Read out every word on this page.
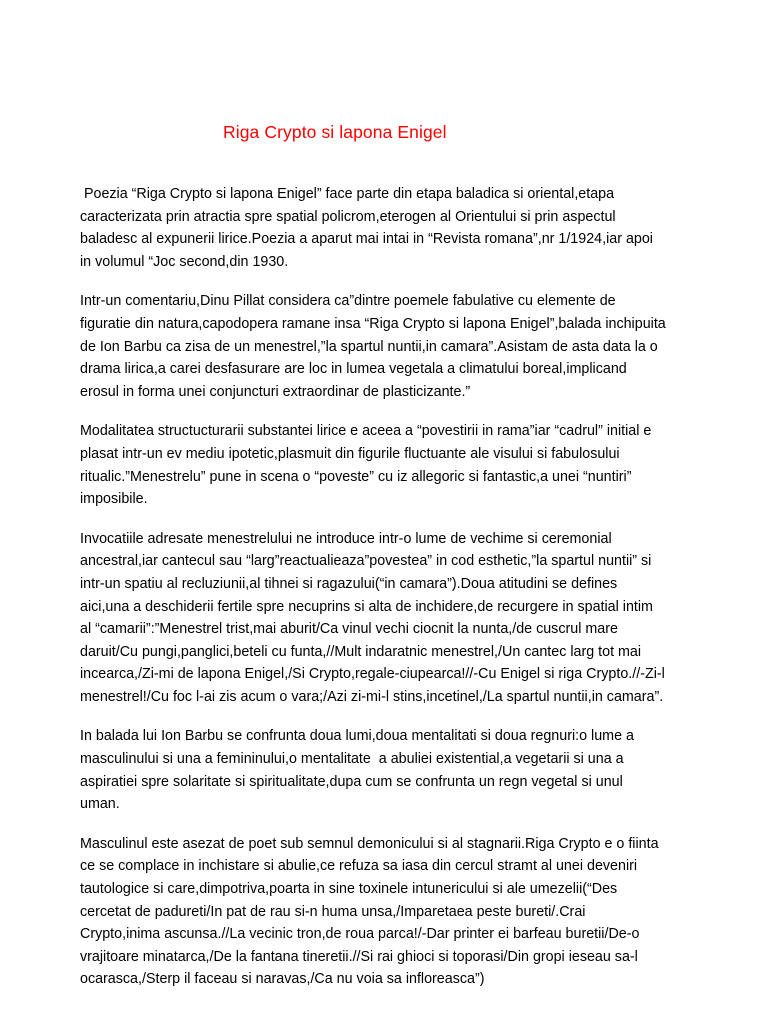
Riga Crypto si lapona Enigel

Poezia “Riga Crypto si lapona Enigel” face parte din etapa baladica si oriental,etapa
caracterizata prin atractia spre spatial policrom,eterogen al Orientului si prin aspectul
baladesc al expunerii lirice.Poezia a aparut mai intai in “Revista romana”,nr 1/1924,iar apoi
in volumul “Joc second,din 1930.

Intr-un comentariu,Dinu Pillat considera ca”dintre poemele fabulative cu elemente de
figuratie din natura,capodopera ramane insa “Riga Crypto si lapona Enigel”,balada inchipuita
de Ion Barbu ca zisa de un menestrel,”la spartul nuntii,in camara”.Asistam de asta data la o
drama lirica,a carei desfasurare are loc in lumea vegetala a climatului boreal,implicand
erosul in forma unei conjuncturi extraordinar de plasticizante.”

Modalitatea structucturarii substantei lirice e aceea a “povestirii in rama”iar “cadrul” initial e
plasat intr-un ev mediu ipotetic,plasmuit din figurile fluctuante ale visului si fabulosului
ritualic.”Menestrelu” pune in scena o “poveste” cu iz allegoric si fantastic,a unei “nuntiri”
imposibile.

Invocatiile adresate menestrelului ne introduce intr-o lume de vechime si ceremonial
ancestral,iar cantecul sau “larg”reactualieaza”povestea” in cod esthetic,”la spartul nuntii” si
intr-un spatiu al recluziunii,al tihnei si ragazului(“in camara”).Doua atitudini se defines
aici,una a deschiderii fertile spre necuprins si alta de inchidere,de recurgere in spatial intim
al “camarii”:”Menestrel trist,mai aburit/Ca vinul vechi ciocnit la nunta,/de cuscrul mare
daruit/Cu pungi,panglici,beteli cu funta,//Mult indaratnic menestrel,/Un cantec larg tot mai
incearca,/Zi-mi de lapona Enigel,/Si Crypto,regale-ciupearca!//-Cu Enigel si riga Crypto.//-Zi-l
menestrel!/Cu foc l-ai zis acum o vara;/Azi zi-mi-l stins,incetinel,/La spartul nuntii,in camara”.

In balada lui Ion Barbu se confrunta doua lumi,doua mentalitati si doua regnuri:o lume a
masculinului si una a femininului,o mentalitate  a abuliei existential,a vegetarii si una a
aspiratiei spre solaritate si spiritualitate,dupa cum se confrunta un regn vegetal si unul
uman.

Masculinul este asezat de poet sub semnul demonicului si al stagnarii.Riga Crypto e o fiinta
ce se complace in inchistare si abulie,ce refuza sa iasa din cercul stramt al unei deveniri
tautologice si care,dimpotriva,poarta in sine toxinele intunericului si ale umezelii(“Des
cercetat de padureti/In pat de rau si-n huma unsa,/Imparetaea peste bureti/.Crai
Crypto,inima ascunsa.//La vecinic tron,de roua parca!/-Dar printer ei barfeau buretii/De-o
vrajitoare minatarca,/De la fantana tineretii.//Si rai ghioci si toporasi/Din gropi ieseau sa-l
ocarasca,/Sterp il faceau si naravas,/Ca nu voia sa infloreasca”)
